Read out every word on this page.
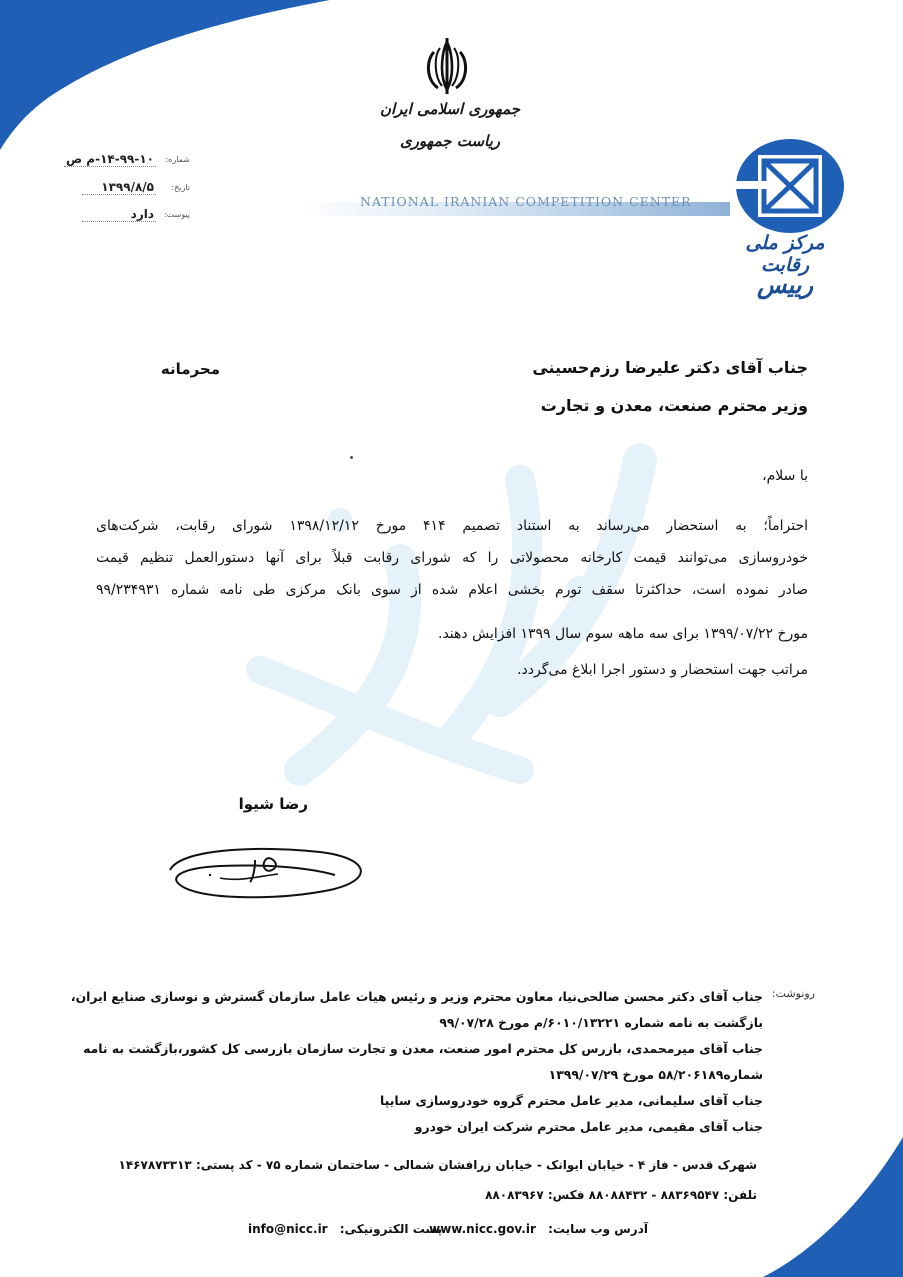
جمهوری اسلامی ایران
ریاست جمهوری
شماره:
۱۴-۹۹-۱۰-م ص
تاریخ:
۱۳۹۹/۸/۵
پیوست:
دارد
NATIONAL IRANIAN COMPETITION CENTER
مرکز ملی رقابت
رییس
محرمانه	جناب آقای دکتر علیرضا رزم‌حسینی
وزیر محترم صنعت، معدن و تجارت
با سلام،
احتراماً؛ به استحضار می‌رساند به استناد تصمیم ۴۱۴ مورخ ۱۳۹۸/۱۲/۱۲ شورای رقابت، شرکت‌های
خودروسازی می‌توانند قیمت کارخانه محصولاتی را که شورای رقابت قبلاً برای آنها دستورالعمل تنظیم قیمت
صادر نموده است، حداکثرتا سقف تورم بخشی اعلام شده از سوی بانک مرکزی طی نامه شماره ۹۹/۲۳۴۹۳۱
مورخ ۱۳۹۹/۰۷/۲۲ برای سه ماهه سوم سال ۱۳۹۹ افزایش دهند.
مراتب جهت استحضار و دستور اجرا ابلاغ می‌گردد.
رضا شیوا
رونوشت:
جناب آقای دکتر محسن صالحی‌نیا، معاون محترم وزیر و رئیس هیات عامل سازمان گسترش و نوسازی صنایع ایران،
بازگشت به نامه شماره ۶۰۱۰/۱۳۲۲۱/م مورخ ۹۹/۰۷/۲۸
جناب آقای میرمحمدی، بازرس کل محترم امور صنعت، معدن و تجارت سازمان بازرسی کل کشور،بازگشت به نامه
شماره۵۸/۲۰۶۱۸۹ مورخ ۱۳۹۹/۰۷/۲۹
جناب آقای سلیمانی، مدیر عامل محترم گروه خودروسازی سایپا
جناب آقای مقیمی، مدیر عامل محترم شرکت ایران خودرو
شهرک قدس - فاز ۴ - خیابان ایوانک - خیابان زرافشان شمالی - ساختمان شماره ۷۵ - کد پستی: ۱۴۶۷۸۷۳۳۱۳
تلفن: ۸۸۳۶۹۵۴۷ - ۸۸۰۸۸۴۳۲ فکس: ۸۸۰۸۳۹۶۷
آدرس وب سایت: www.nicc.gov.ir
پست الکترونیکی: info@nicc.ir
